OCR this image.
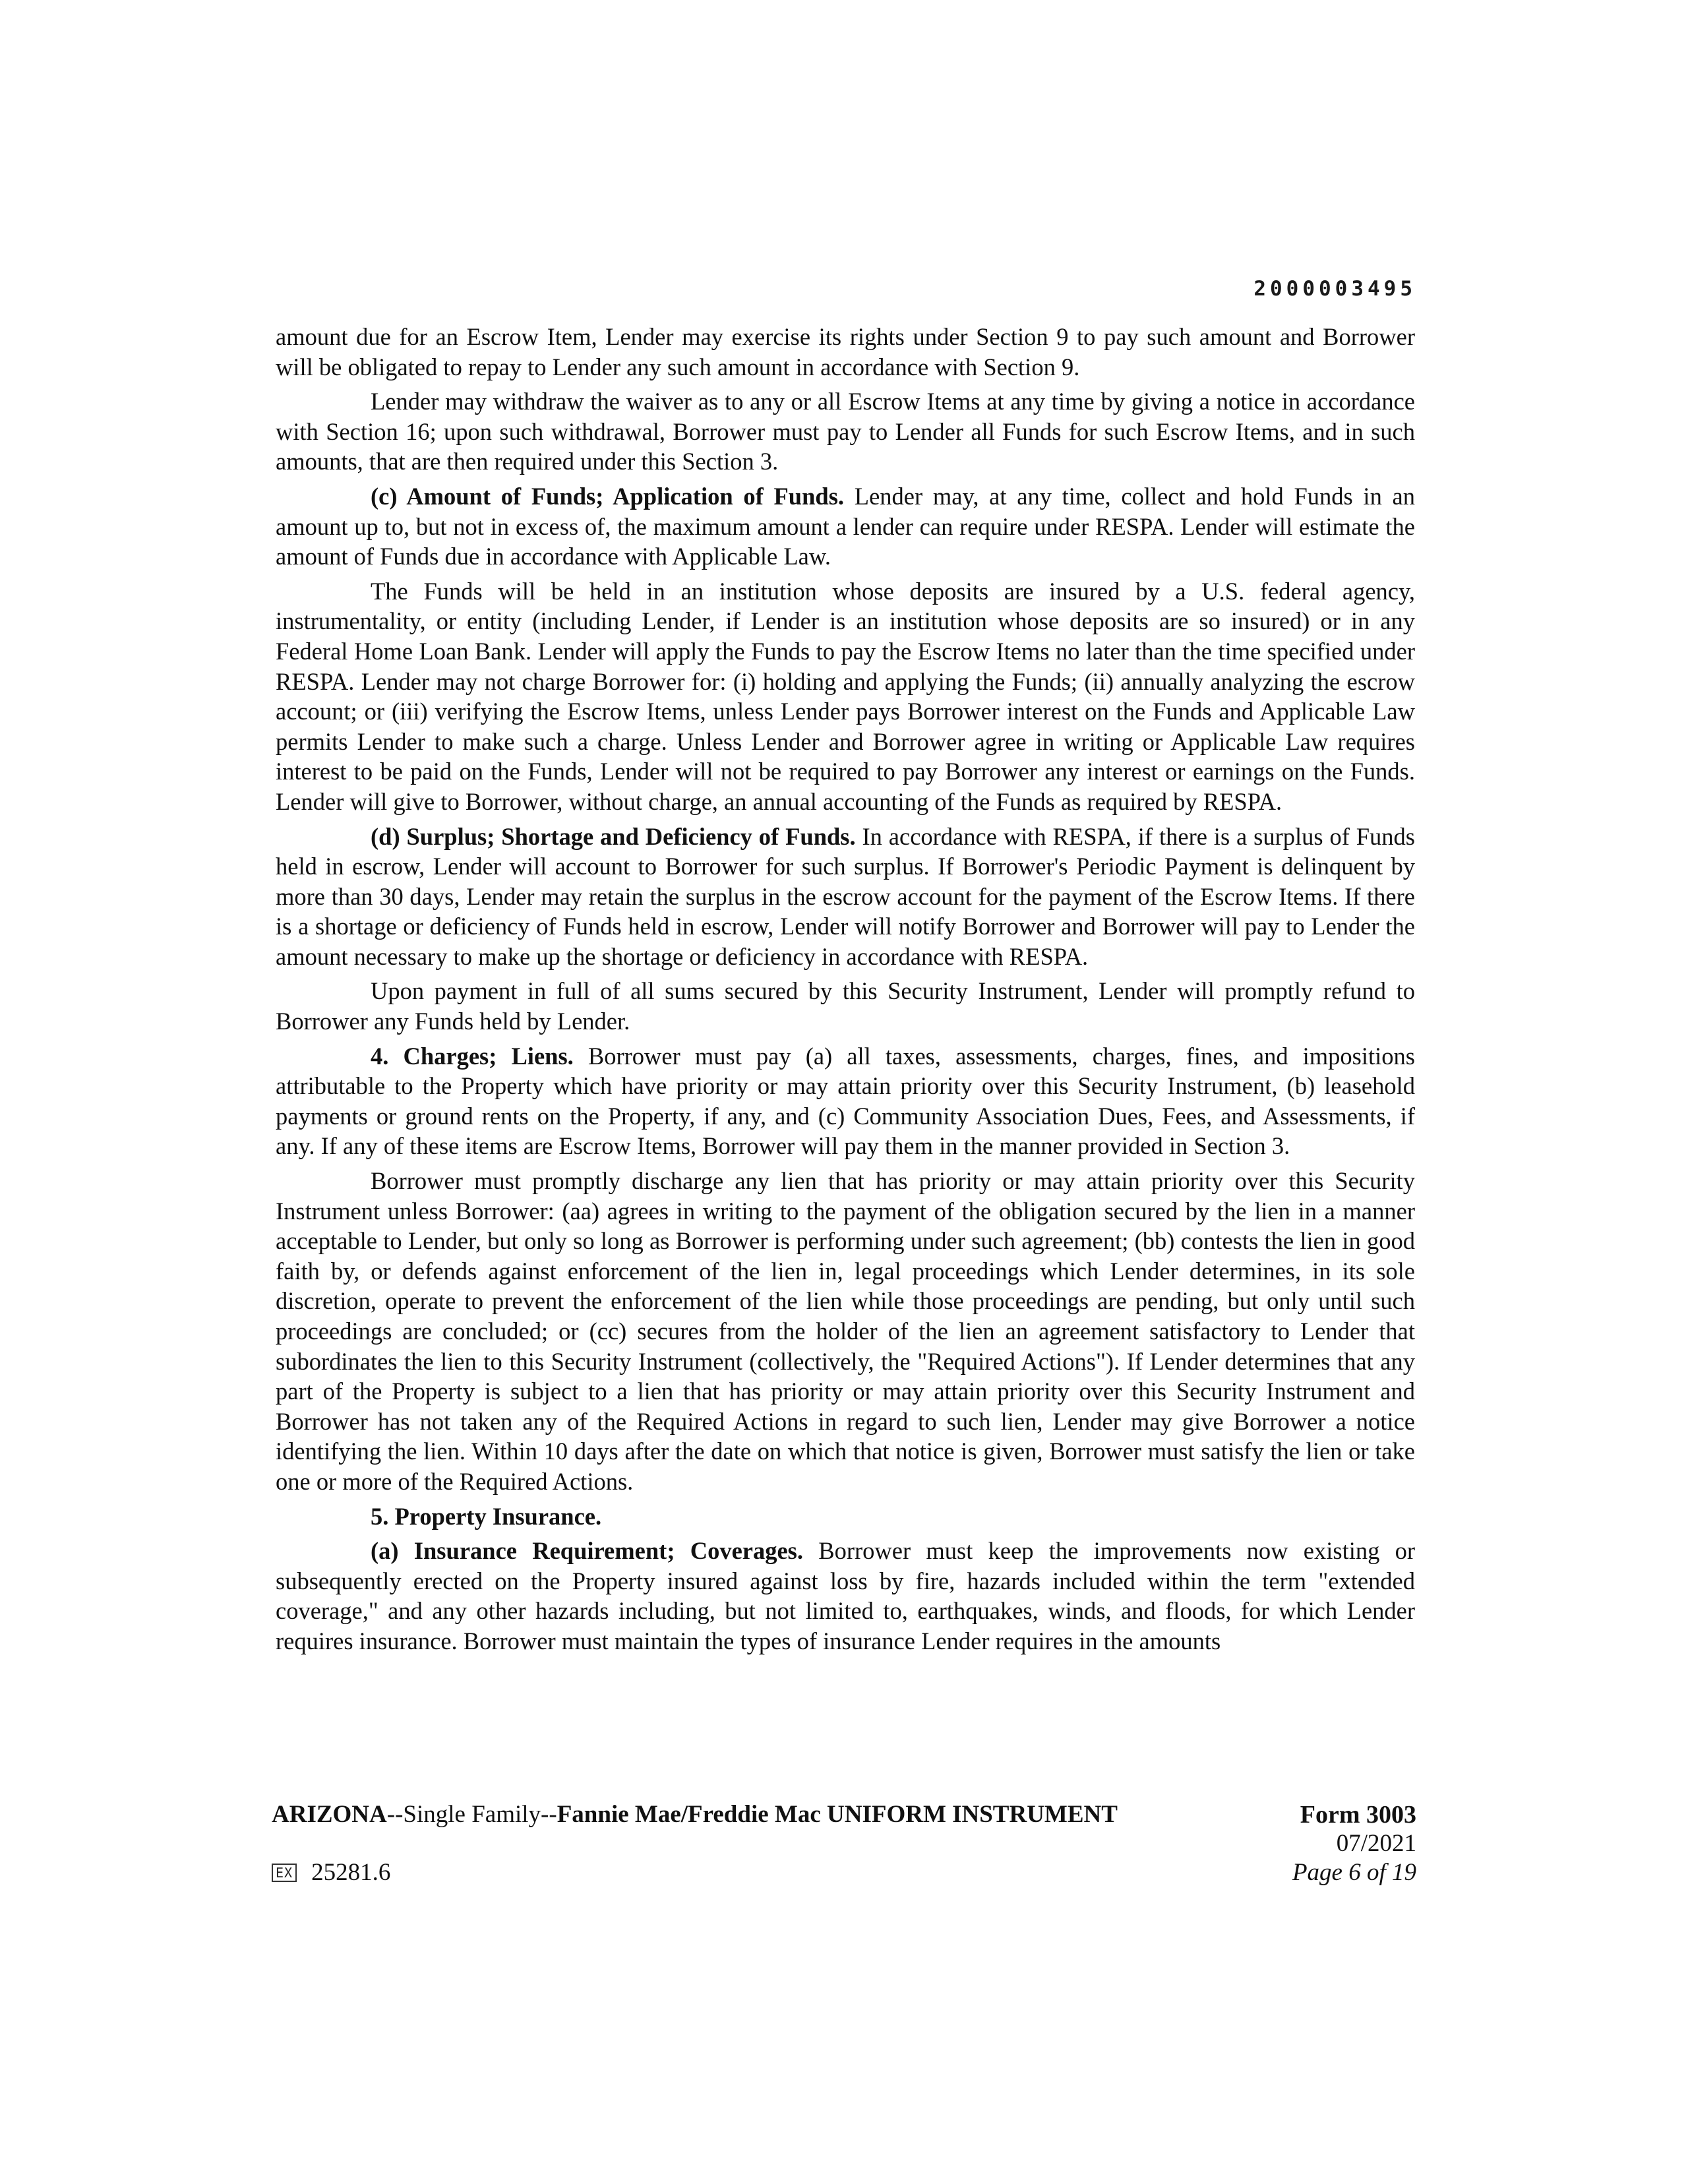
2000003495

amount due for an Escrow Item, Lender may exercise its rights under Section 9 to pay such amount and Borrower will be obligated to repay to Lender any such amount in accordance with Section 9.

Lender may withdraw the waiver as to any or all Escrow Items at any time by giving a notice in accordance with Section 16; upon such withdrawal, Borrower must pay to Lender all Funds for such Escrow Items, and in such amounts, that are then required under this Section 3.

(c) Amount of Funds; Application of Funds. Lender may, at any time, collect and hold Funds in an amount up to, but not in excess of, the maximum amount a lender can require under RESPA. Lender will estimate the amount of Funds due in accordance with Applicable Law.

The Funds will be held in an institution whose deposits are insured by a U.S. federal agency, instrumentality, or entity (including Lender, if Lender is an institution whose deposits are so insured) or in any Federal Home Loan Bank. Lender will apply the Funds to pay the Escrow Items no later than the time specified under RESPA. Lender may not charge Borrower for: (i) holding and applying the Funds; (ii) annually analyzing the escrow account; or (iii) verifying the Escrow Items, unless Lender pays Borrower interest on the Funds and Applicable Law permits Lender to make such a charge. Unless Lender and Borrower agree in writing or Applicable Law requires interest to be paid on the Funds, Lender will not be required to pay Borrower any interest or earnings on the Funds. Lender will give to Borrower, without charge, an annual accounting of the Funds as required by RESPA.

(d) Surplus; Shortage and Deficiency of Funds. In accordance with RESPA, if there is a surplus of Funds held in escrow, Lender will account to Borrower for such surplus. If Borrower's Periodic Payment is delinquent by more than 30 days, Lender may retain the surplus in the escrow account for the payment of the Escrow Items. If there is a shortage or deficiency of Funds held in escrow, Lender will notify Borrower and Borrower will pay to Lender the amount necessary to make up the shortage or deficiency in accordance with RESPA.

Upon payment in full of all sums secured by this Security Instrument, Lender will promptly refund to Borrower any Funds held by Lender.

4. Charges; Liens. Borrower must pay (a) all taxes, assessments, charges, fines, and impositions attributable to the Property which have priority or may attain priority over this Security Instrument, (b) leasehold payments or ground rents on the Property, if any, and (c) Community Association Dues, Fees, and Assessments, if any. If any of these items are Escrow Items, Borrower will pay them in the manner provided in Section 3.

Borrower must promptly discharge any lien that has priority or may attain priority over this Security Instrument unless Borrower: (aa) agrees in writing to the payment of the obligation secured by the lien in a manner acceptable to Lender, but only so long as Borrower is performing under such agreement; (bb) contests the lien in good faith by, or defends against enforcement of the lien in, legal proceedings which Lender determines, in its sole discretion, operate to prevent the enforcement of the lien while those proceedings are pending, but only until such proceedings are concluded; or (cc) secures from the holder of the lien an agreement satisfactory to Lender that subordinates the lien to this Security Instrument (collectively, the "Required Actions"). If Lender determines that any part of the Property is subject to a lien that has priority or may attain priority over this Security Instrument and Borrower has not taken any of the Required Actions in regard to such lien, Lender may give Borrower a notice identifying the lien. Within 10 days after the date on which that notice is given, Borrower must satisfy the lien or take one or more of the Required Actions.

5. Property Insurance.

(a) Insurance Requirement; Coverages. Borrower must keep the improvements now existing or subsequently erected on the Property insured against loss by fire, hazards included within the term "extended coverage," and any other hazards including, but not limited to, earthquakes, winds, and floods, for which Lender requires insurance. Borrower must maintain the types of insurance Lender requires in the amounts

ARIZONA--Single Family--Fannie Mae/Freddie Mac UNIFORM INSTRUMENT	Form 3003
07/2021
Page 6 of 19
EX 25281.6
